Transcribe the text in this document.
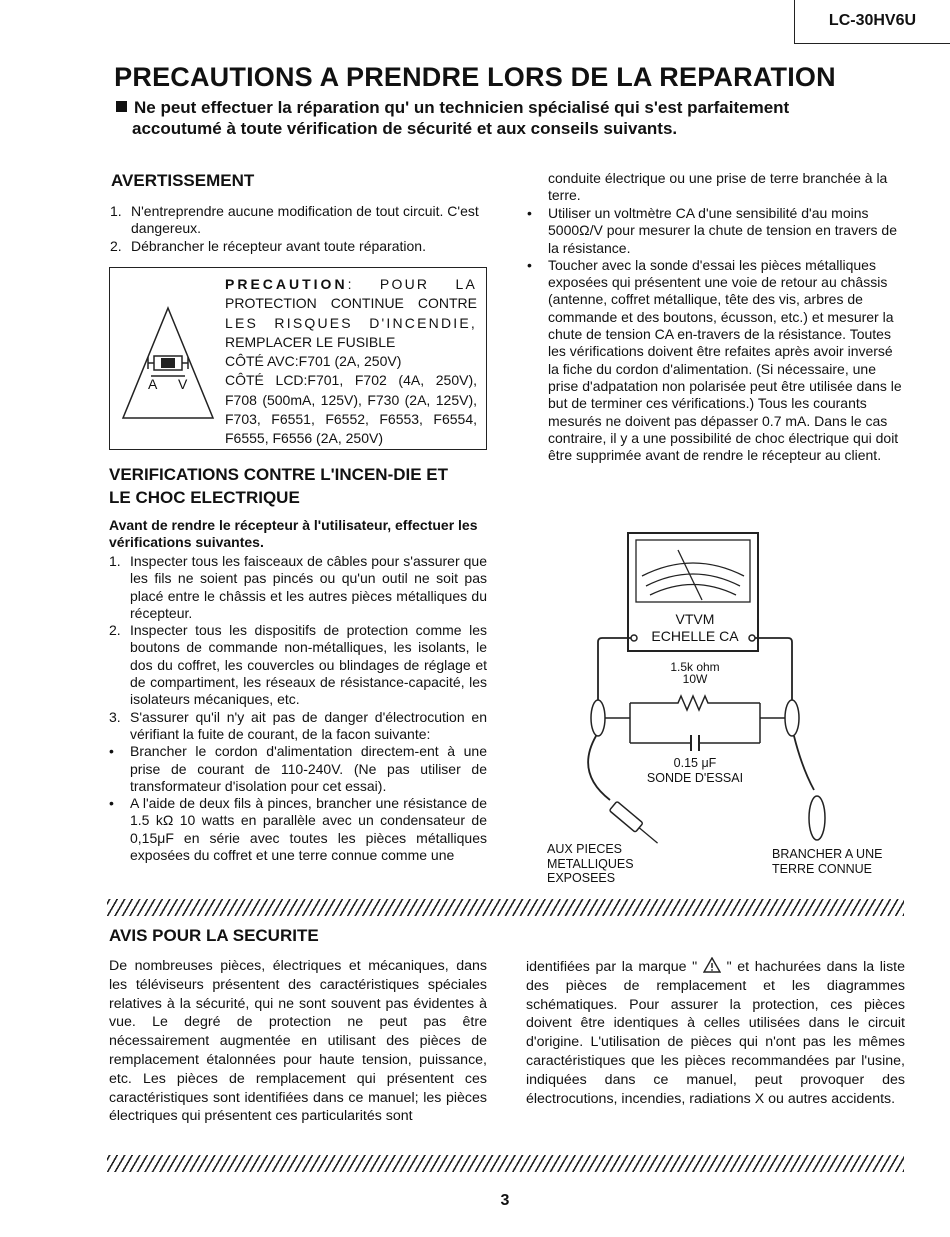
LC-30HV6U
PRECAUTIONS A PRENDRE LORS DE LA REPARATION
Ne peut effectuer la réparation qu' un technicien spécialisé qui s'est parfaitement
accoutumé à toute vérification de sécurité et aux conseils suivants.
AVERTISSEMENT
1. N'entreprendre aucune modification de tout circuit. C'est dangereux.
2. Débrancher le récepteur avant toute réparation.
A V
PRECAUTION : POUR LA
PROTECTION CONTINUE CONTRE
LES RISQUES D'INCENDIE,
REMPLACER LE FUSIBLE
CÔTÉ AVC:F701 (2A, 250V)
CÔTÉ LCD:F701, F702 (4A, 250V), F708 (500mA, 125V), F730 (2A, 125V), F703, F6551, F6552, F6553, F6554, F6555, F6556 (2A, 250V)
VERIFICATIONS CONTRE L'INCEN-DIE ET
LE CHOC ELECTRIQUE
Avant de rendre le récepteur à l'utilisateur, effectuer les vérifications suivantes.
1. Inspecter tous les faisceaux de câbles pour s'assurer que les fils ne soient pas pincés ou qu'un outil ne soit pas placé entre le châssis et les autres pièces métalliques du récepteur.
2. Inspecter tous les dispositifs de protection comme les boutons de commande non-métalliques, les isolants, le dos du coffret, les couvercles ou blindages de réglage et de compartiment, les réseaux de résistance-capacité, les isolateurs mécaniques, etc.
3. S'assurer qu'il n'y ait pas de danger d'électrocution en vérifiant la fuite de courant, de la facon suivante:
• Brancher le cordon d'alimentation directem-ent à une prise de courant de 110-240V. (Ne pas utiliser de transformateur d'isolation pour cet essai).
• A l'aide de deux fils à pinces, brancher une résistance de 1.5 kΩ 10 watts en parallèle avec un condensateur de 0,15μF en série avec toutes les pièces métalliques exposées du coffret et une terre connue comme une
conduite électrique ou une prise de terre branchée à la terre.
• Utiliser un voltmètre CA d'une sensibilité d'au moins 5000Ω/V pour mesurer la chute de tension en travers de la résistance.
• Toucher avec la sonde d'essai les pièces métalliques exposées qui présentent une voie de retour au châssis (antenne, coffret métallique, tête des vis, arbres de commande et des boutons, écusson, etc.) et mesurer la chute de tension CA en-travers de la résistance. Toutes les vérifications doivent être refaites après avoir inversé la fiche du cordon d'alimentation. (Si nécessaire, une prise d'adpatation non polarisée peut être utilisée dans le but de terminer ces vérifications.) Tous les courants mesurés ne doivent pas dépasser 0.7 mA. Dans le cas contraire, il y a une possibilité de choc électrique qui doit être supprimée avant de rendre le récepteur au client.
VTVM
ECHELLE CA
1.5k ohm
10W
0.15 μF
SONDE D'ESSAI
AUX PIECES
METALLIQUES
EXPOSEES
BRANCHER A UNE
TERRE CONNUE
AVIS POUR LA SECURITE
De nombreuses pièces, électriques et mécaniques, dans les téléviseurs présentent des caractéristiques spéciales relatives à la sécurité, qui ne sont souvent pas évidentes à vue. Le degré de protection ne peut pas être nécessairement augmentée en utilisant des pièces de remplacement étalonnées pour haute tension, puissance, etc. Les pièces de remplacement qui présentent ces caractéristiques sont identifiées dans ce manuel; les pièces électriques qui présentent ces particularités sont
identifiées par la marque " " et hachurées dans la liste des pièces de remplacement et les diagrammes schématiques. Pour assurer la protection, ces pièces doivent être identiques à celles utilisées dans le circuit d'origine. L'utilisation de pièces qui n'ont pas les mêmes caractéristiques que les pièces recommandées par l'usine, indiquées dans ce manuel, peut provoquer des électrocutions, incendies, radiations X ou autres accidents.
3
